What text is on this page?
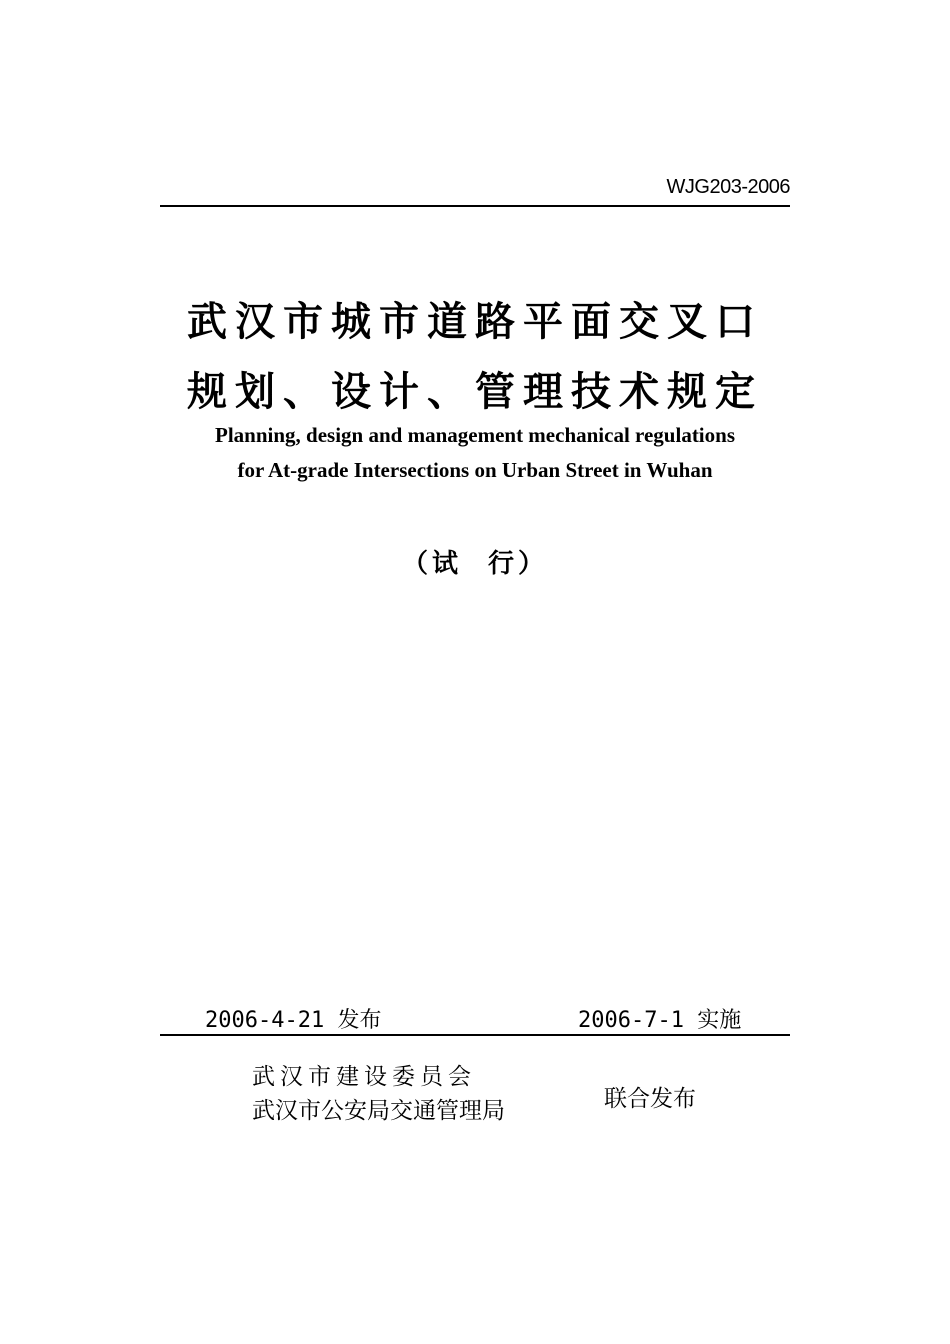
WJG203-2006
武汉市城市道路平面交叉口
规划、设计、管理技术规定
Planning, design and management mechanical regulations
for At-grade Intersections on Urban Street in Wuhan
（试  行）
2006-4-21 发布	2006-7-1 实施
武汉市建设委员会
武汉市公安局交通管理局	联合发布
